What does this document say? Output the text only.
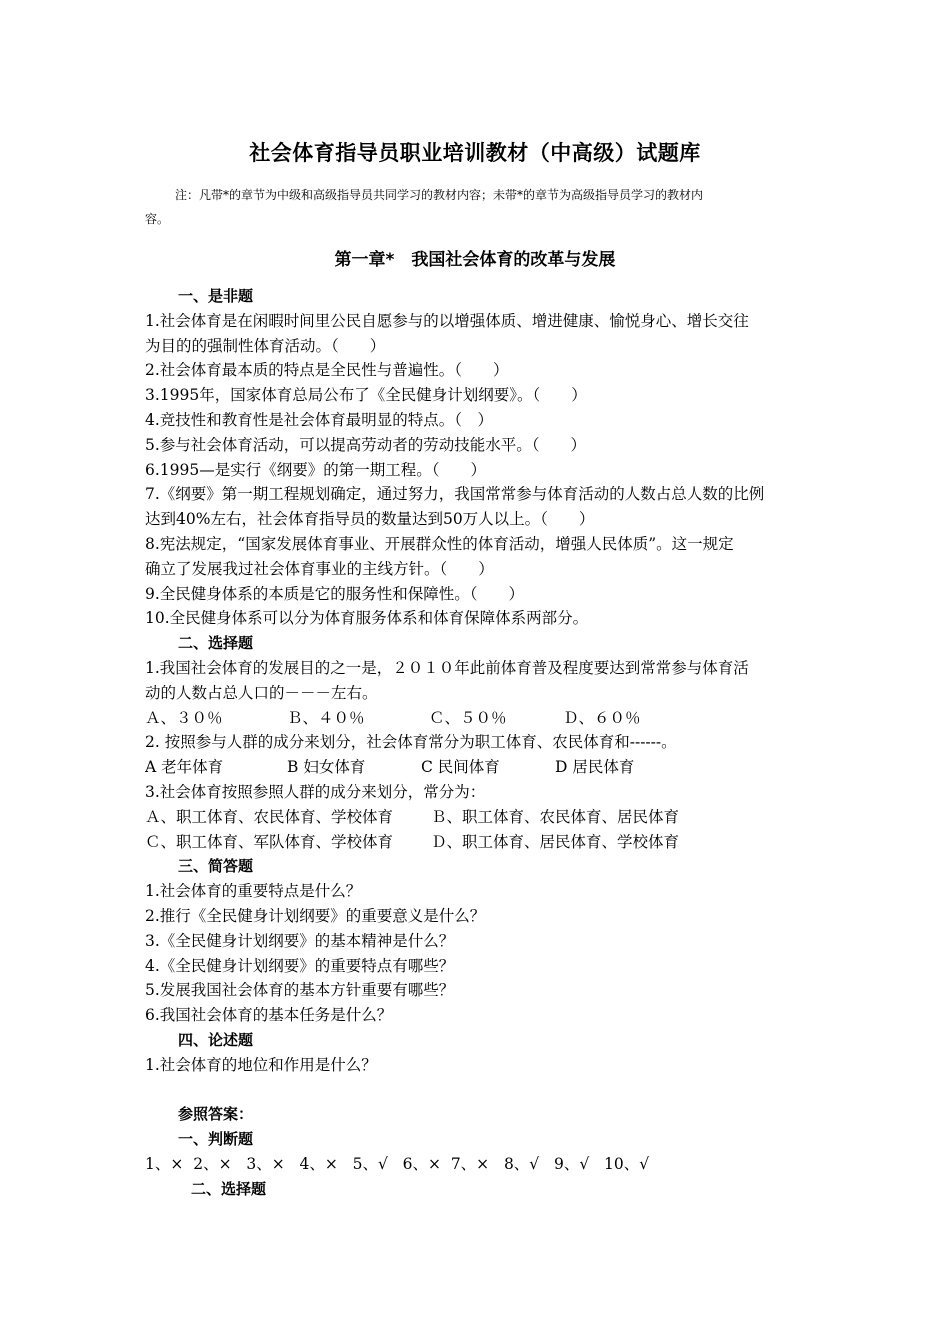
社会体育指导员职业培训教材（中高级）试题库
注：凡带*的章节为中级和高级指导员共同学习的教材内容；未带*的章节为高级指导员学习的教材内
容。
第一章*　我国社会体育的改革与发展
一、是非题
1.社会体育是在闲暇时间里公民自愿参与的以增强体质、增进健康、愉悦身心、增长交往
为目的的强制性体育活动。（　　）
2.社会体育最本质的特点是全民性与普遍性。（　　）
3.1995年，国家体育总局公布了《全民健身计划纲要》。（　　）
4.竞技性和教育性是社会体育最明显的特点。（　）
5.参与社会体育活动，可以提高劳动者的劳动技能水平。（　　）
6.1995—是实行《纲要》的第一期工程。（　　）
7.《纲要》第一期工程规划确定，通过努力，我国常常参与体育活动的人数占总人数的比例
达到40%左右，社会体育指导员的数量达到50万人以上。（　　）
8.宪法规定，“国家发展体育事业、开展群众性的体育活动，增强人民体质”。这一规定
确立了发展我过社会体育事业的主线方针。（　　）
9.全民健身体系的本质是它的服务性和保障性。（　　）
10.全民健身体系可以分为体育服务体系和体育保障体系两部分。
二、选择题
1.我国社会体育的发展目的之一是，２０１０年此前体育普及程度要达到常常参与体育活
动的人数占总人口的－－－左右。
Ａ、３０％	Ｂ、４０％	Ｃ、５０％	Ｄ、６０％
2. 按照参与人群的成分来划分，社会体育常分为职工体育、农民体育和------。
A 老年体育	B 妇女体育	C 民间体育	D 居民体育
3.社会体育按照参照人群的成分来划分，常分为：
Ａ、职工体育、农民体育、学校体育 Ｂ、职工体育、农民体育、居民体育
Ｃ、职工体育、军队体育、学校体育 Ｄ、职工体育、居民体育、学校体育
三、简答题
1.社会体育的重要特点是什么？
2.推行《全民健身计划纲要》的重要意义是什么？
3.《全民健身计划纲要》的基本精神是什么？
4.《全民健身计划纲要》的重要特点有哪些？
5.发展我国社会体育的基本方针重要有哪些？
6.我国社会体育的基本任务是什么？
四、论述题
1.社会体育的地位和作用是什么？
参照答案：
一、判断题
1、×  2、×   3、×   4、×   5、√   6、×  7、×   8、√   9、√   10、√
二、选择题
